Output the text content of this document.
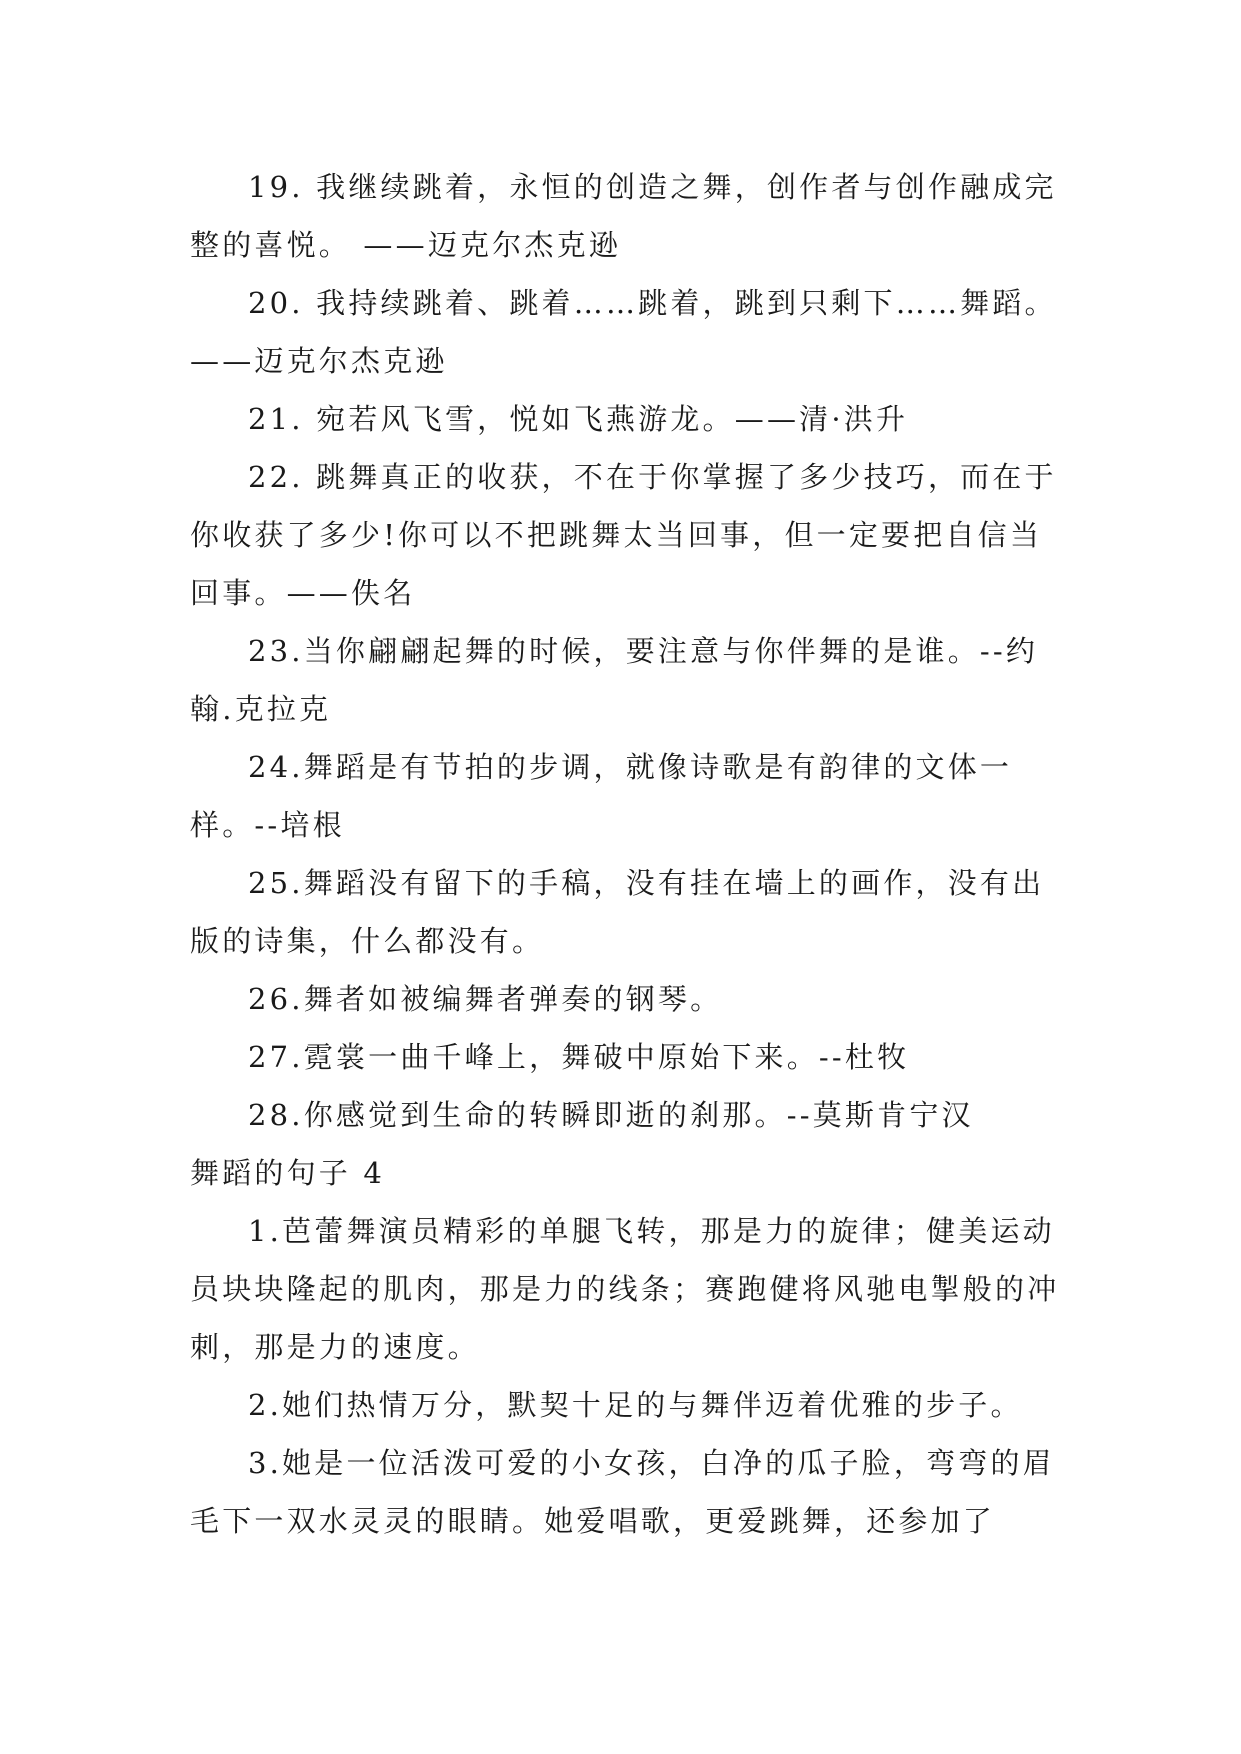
19. 我继续跳着，永恒的创造之舞，创作者与创作融成完整的喜悦。 ——迈克尔杰克逊

20. 我持续跳着、跳着……跳着，跳到只剩下……舞蹈。——迈克尔杰克逊

21. 宛若风飞雪，悦如飞燕游龙。——清·洪升

22. 跳舞真正的收获，不在于你掌握了多少技巧，而在于你收获了多少!你可以不把跳舞太当回事，但一定要把自信当回事。——佚名

23.当你翩翩起舞的时候，要注意与你伴舞的是谁。--约翰.克拉克

24.舞蹈是有节拍的步调，就像诗歌是有韵律的文体一样。--培根

25.舞蹈没有留下的手稿，没有挂在墙上的画作，没有出版的诗集，什么都没有。

26.舞者如被编舞者弹奏的钢琴。

27.霓裳一曲千峰上，舞破中原始下来。--杜牧

28.你感觉到生命的转瞬即逝的刹那。--莫斯肯宁汉

舞蹈的句子 4

1.芭蕾舞演员精彩的单腿飞转，那是力的旋律；健美运动员块块隆起的肌肉，那是力的线条；赛跑健将风驰电掣般的冲刺，那是力的速度。

2.她们热情万分，默契十足的与舞伴迈着优雅的步子。

3.她是一位活泼可爱的小女孩，白净的瓜子脸，弯弯的眉毛下一双水灵灵的眼睛。她爱唱歌，更爱跳舞，还参加了
